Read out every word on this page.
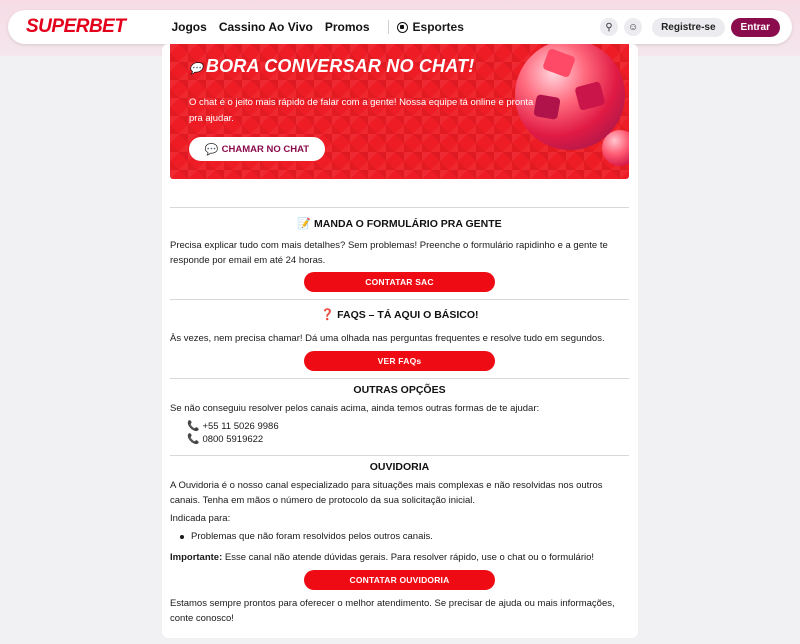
SUPERBET	Jogos Cassino Ao Vivo Promos	Esportes	⚲	☺	Registre-se	Entrar
💬 BORA CONVERSAR NO CHAT!
O chat é o jeito mais rápido de falar com a gente! Nossa equipe tá online e pronta pra ajudar.
💬 CHAMAR NO CHAT
📝 MANDA O FORMULÁRIO PRA GENTE
Precisa explicar tudo com mais detalhes? Sem problemas! Preenche o formulário rapidinho e a gente te responde por email em até 24 horas.
CONTATAR SAC
❓ FAQS – TÁ AQUI O BÁSICO!
Às vezes, nem precisa chamar! Dá uma olhada nas perguntas frequentes e resolve tudo em segundos.
VER FAQs
OUTRAS OPÇÕES
Se não conseguiu resolver pelos canais acima, ainda temos outras formas de te ajudar:
📞 +55 11 5026 9986
📞 0800 5919622
OUVIDORIA
A Ouvidoria é o nosso canal especializado para situações mais complexas e não resolvidas nos outros canais. Tenha em mãos o número de protocolo da sua solicitação inicial.
Indicada para:
Problemas que não foram resolvidos pelos outros canais.
Importante: Esse canal não atende dúvidas gerais. Para resolver rápido, use o chat ou o formulário!
CONTATAR OUVIDORIA
Estamos sempre prontos para oferecer o melhor atendimento. Se precisar de ajuda ou mais informações, conte conosco!
